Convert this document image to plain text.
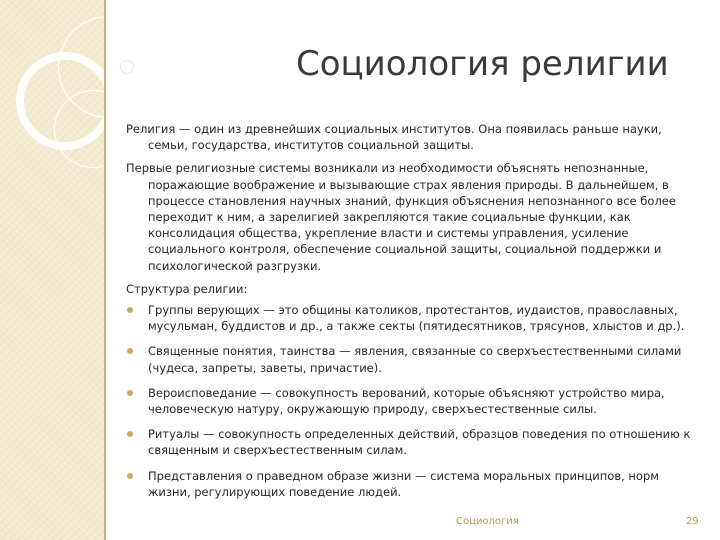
Социология религии

Религия — один из древнейших социальных институтов. Она появилась раньше науки, семьи, государства, институтов социальной защиты.

Первые религиозные системы возникали из необходимости объяснять непознанные, поражающие воображение и вызывающие страх явления природы. В дальнейшем, в процессе становления научных знаний, функция объяснения непознанного все более переходит к ним, а зарелигией закрепляются такие социальные функции, как консолидация общества, укрепление власти и системы управления, усиление социального контроля, обеспечение социальной защиты, социальной поддержки и психологической разгрузки.

Структура религии:
Группы верующих — это общины католиков, протестантов, иудаистов, православных, мусульман, буддистов и др., а также секты (пятидесятников, трясунов, хлыстов и др.).
Священные понятия, таинства — явления, связанные со сверхъестественными силами (чудеса, запреты, заветы, причастие).
Вероисповедание — совокупность верований, которые объясняют устройство мира, человеческую натуру, окружающую природу, сверхъестественные силы.
Ритуалы — совокупность определенных действий, образцов поведения по отношению к священным и сверхъестественным силам.
Представления о праведном образе жизни — система моральных принципов, норм жизни, регулирующих поведение людей.
Социология	29
